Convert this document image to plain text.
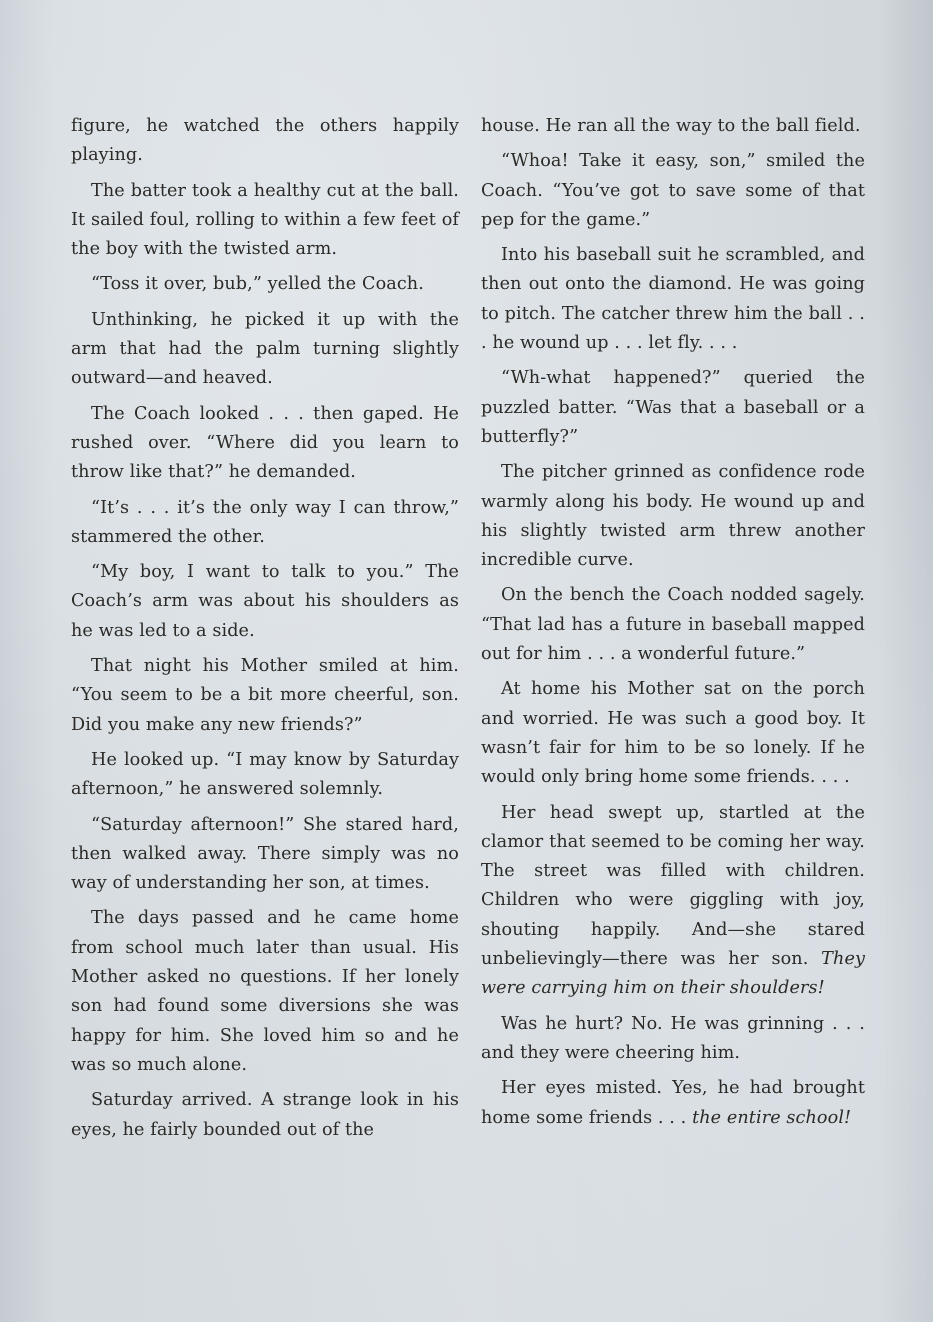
figure, he watched the others happily playing.

The batter took a healthy cut at the ball. It sailed foul, rolling to within a few feet of the boy with the twisted arm.

“Toss it over, bub,” yelled the Coach.

Unthinking, he picked it up with the arm that had the palm turning slightly outward—and heaved.

The Coach looked . . . then gaped. He rushed over. “Where did you learn to throw like that?” he demanded.

“It’s . . . it’s the only way I can throw,” stammered the other.

“My boy, I want to talk to you.” The Coach’s arm was about his shoulders as he was led to a side.

That night his Mother smiled at him. “You seem to be a bit more cheerful, son. Did you make any new friends?”

He looked up. “I may know by Saturday afternoon,” he answered solemnly.

“Saturday afternoon!” She stared hard, then walked away. There simply was no way of understanding her son, at times.

The days passed and he came home from school much later than usual. His Mother asked no questions. If her lonely son had found some diversions she was happy for him. She loved him so and he was so much alone.

Saturday arrived. A strange look in his eyes, he fairly bounded out of the

house. He ran all the way to the ball field.

“Whoa! Take it easy, son,” smiled the Coach. “You’ve got to save some of that pep for the game.”

Into his baseball suit he scrambled, and then out onto the diamond. He was going to pitch. The catcher threw him the ball . . . he wound up . . . let fly. . . .

“Wh-what happened?” queried the puzzled batter. “Was that a baseball or a butterfly?”

The pitcher grinned as confidence rode warmly along his body. He wound up and his slightly twisted arm threw another incredible curve.

On the bench the Coach nodded sagely. “That lad has a future in baseball mapped out for him . . . a wonderful future.”

At home his Mother sat on the porch and worried. He was such a good boy. It wasn’t fair for him to be so lonely. If he would only bring home some friends. . . .

Her head swept up, startled at the clamor that seemed to be coming her way. The street was filled with children. Children who were giggling with joy, shouting happily. And—she stared unbelievingly—there was her son. They were carrying him on their shoulders!

Was he hurt? No. He was grinning . . . and they were cheering him.

Her eyes misted. Yes, he had brought home some friends . . . the entire school!
